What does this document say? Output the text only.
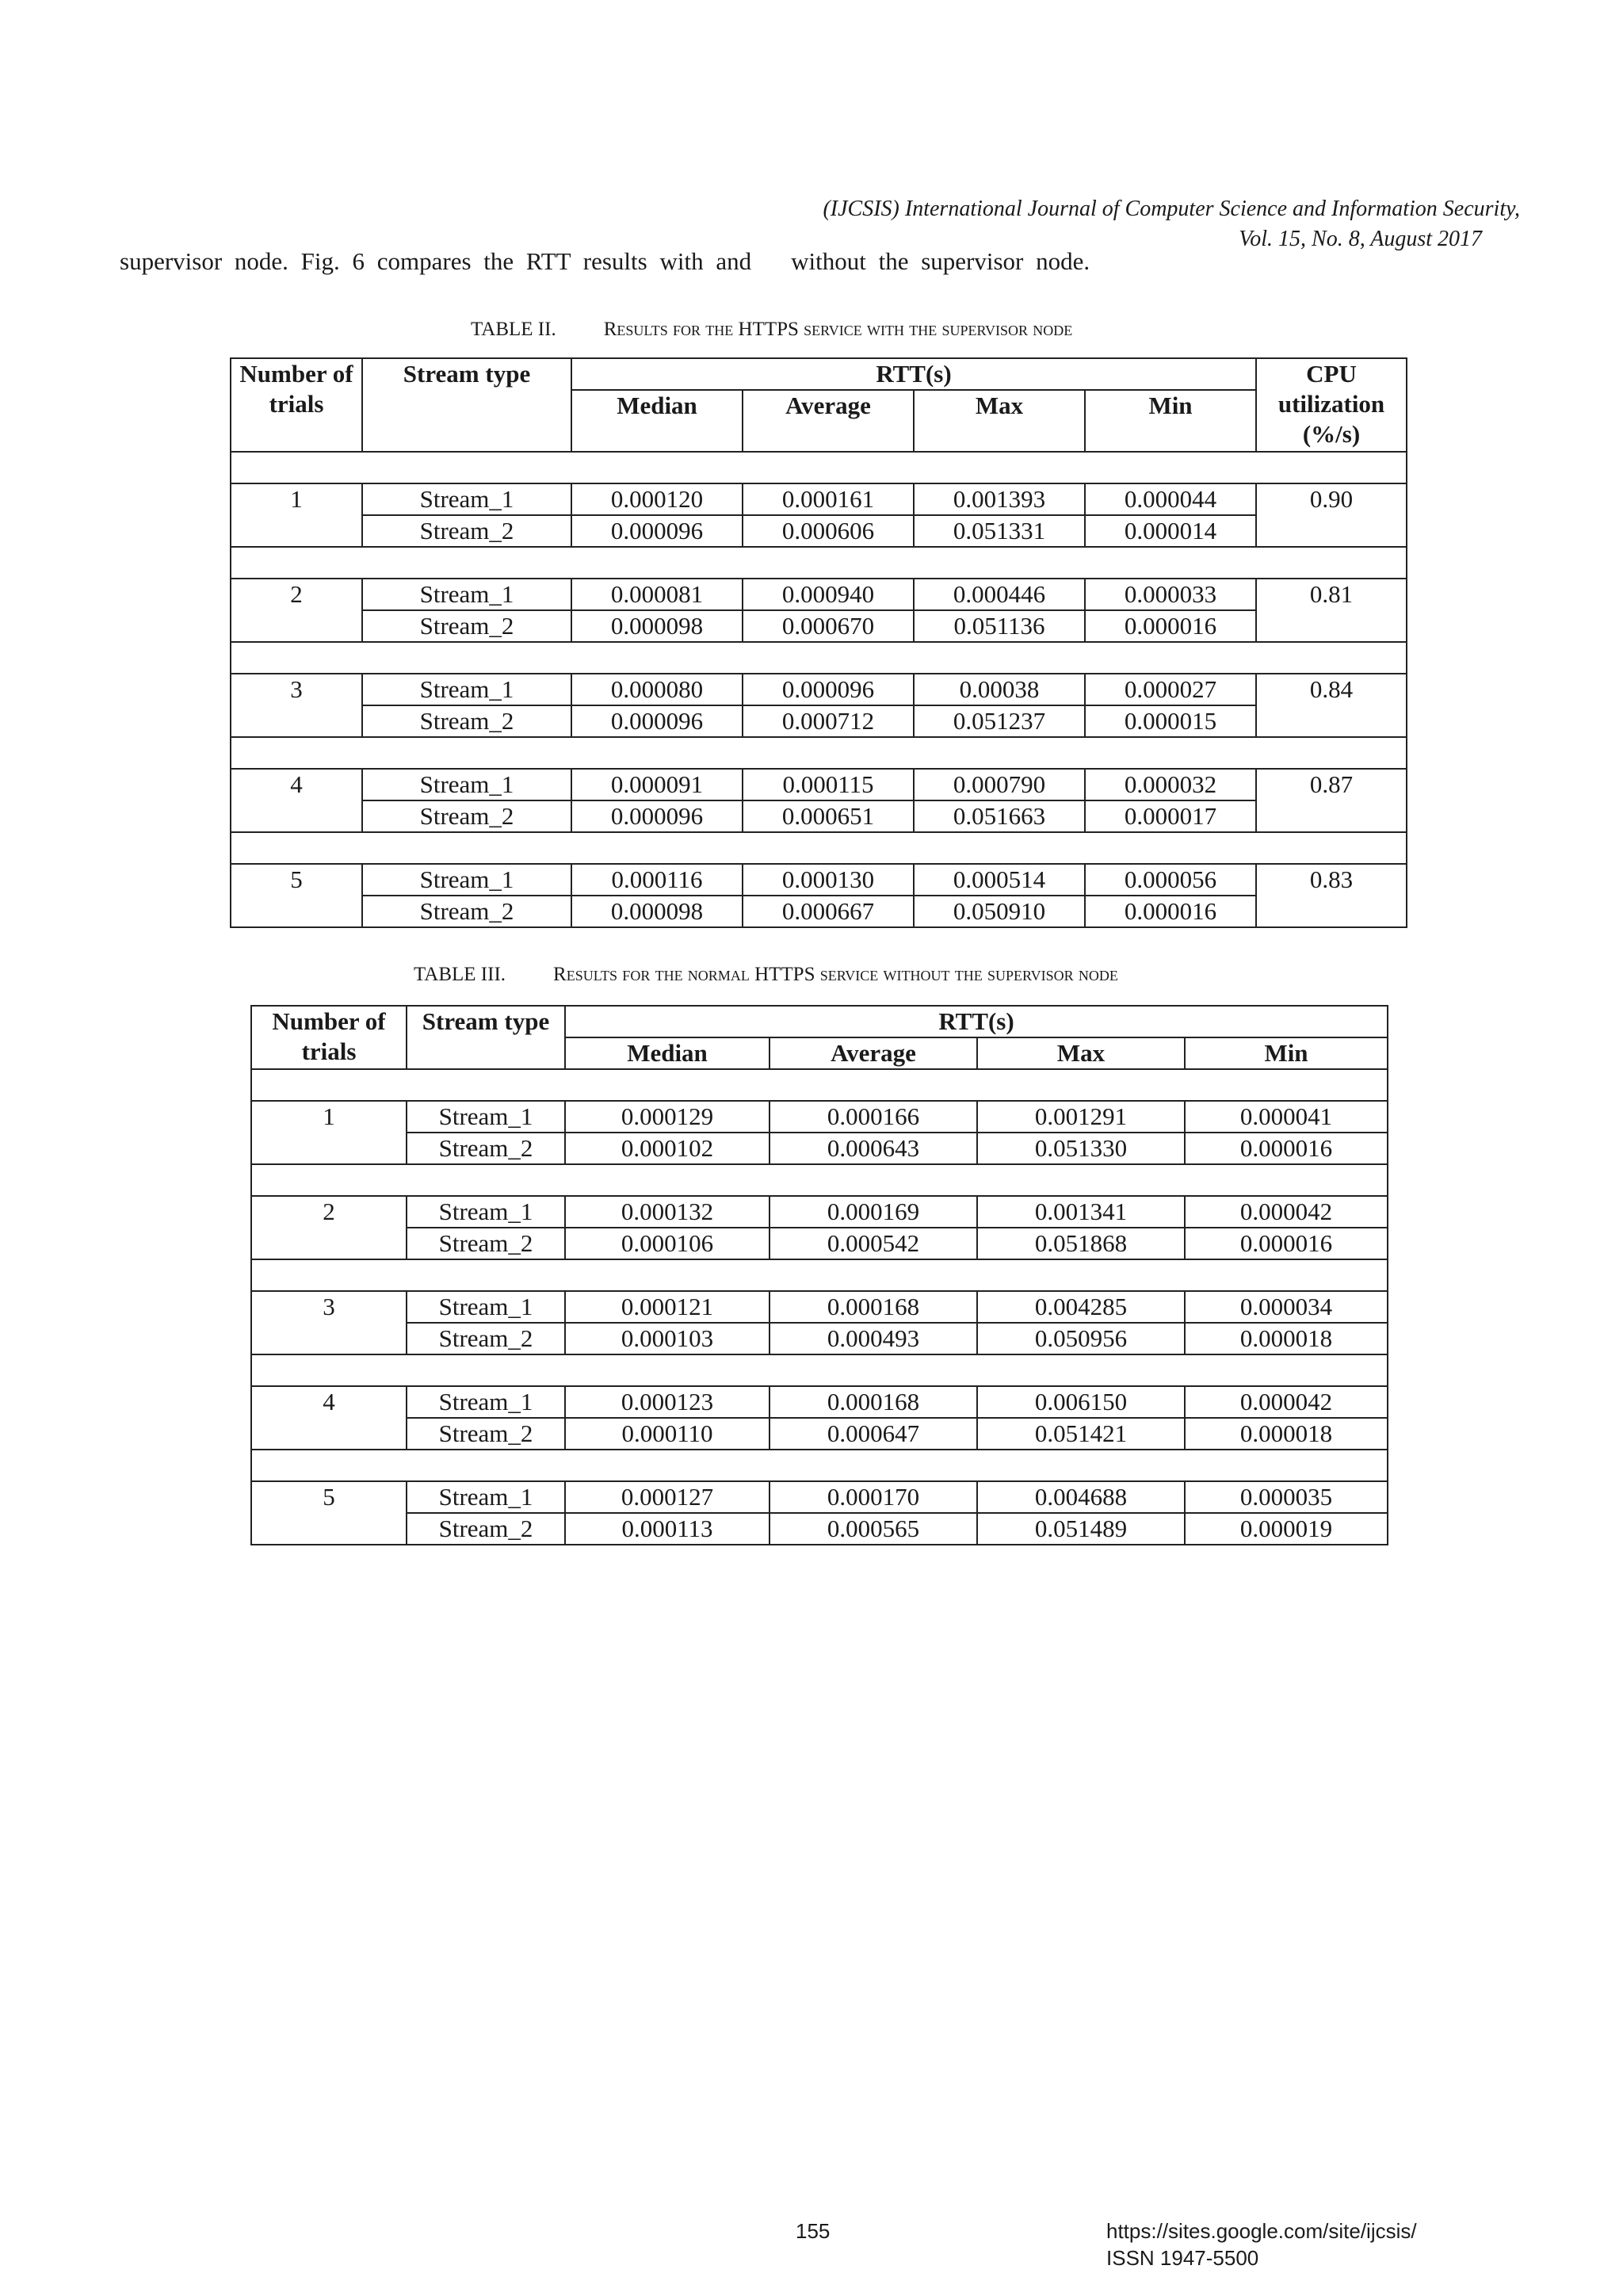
(IJCSIS) International Journal of Computer Science and Information Security,
Vol. 15, No. 8, August 2017
supervisor node. Fig. 6 compares the RTT results with and without the supervisor node.
TABLE II. Results for the HTTPS service with the supervisor node
Number of trials	Stream type	RTT(s)				CPU utilization (%/s)
		Median	Average	Max	Min	

1	Stream_1	0.000120	0.000161	0.001393	0.000044	0.90
	Stream_2	0.000096	0.000606	0.051331	0.000014	

2	Stream_1	0.000081	0.000940	0.000446	0.000033	0.81
	Stream_2	0.000098	0.000670	0.051136	0.000016	

3	Stream_1	0.000080	0.000096	0.00038	0.000027	0.84
	Stream_2	0.000096	0.000712	0.051237	0.000015	

4	Stream_1	0.000091	0.000115	0.000790	0.000032	0.87
	Stream_2	0.000096	0.000651	0.051663	0.000017	

5	Stream_1	0.000116	0.000130	0.000514	0.000056	0.83
	Stream_2	0.000098	0.000667	0.050910	0.000016	
TABLE III. Results for the normal HTTPS service without the supervisor node
Number of trials	Stream type	RTT(s)			
		Median	Average	Max	Min

1	Stream_1	0.000129	0.000166	0.001291	0.000041
	Stream_2	0.000102	0.000643	0.051330	0.000016

2	Stream_1	0.000132	0.000169	0.001341	0.000042
	Stream_2	0.000106	0.000542	0.051868	0.000016

3	Stream_1	0.000121	0.000168	0.004285	0.000034
	Stream_2	0.000103	0.000493	0.050956	0.000018

4	Stream_1	0.000123	0.000168	0.006150	0.000042
	Stream_2	0.000110	0.000647	0.051421	0.000018

5	Stream_1	0.000127	0.000170	0.004688	0.000035
	Stream_2	0.000113	0.000565	0.051489	0.000019
155	https://sites.google.com/site/ijcsis/
ISSN 1947-5500
